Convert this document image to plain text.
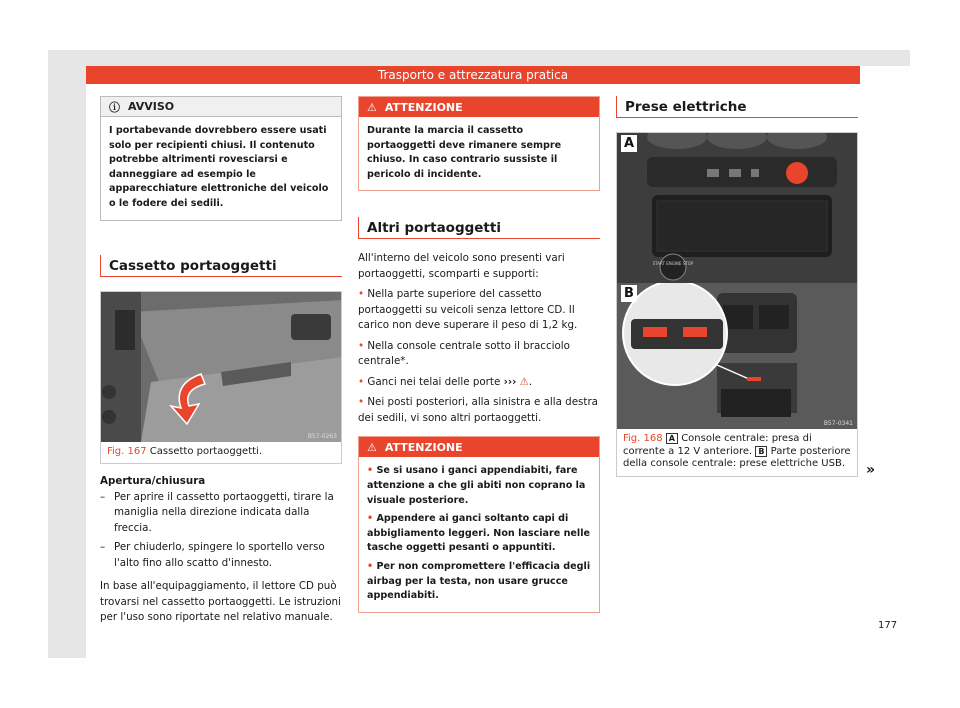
Trasporto e attrezzatura pratica
ⓘ AVVISO
I portabevande dovrebbero essere usati solo per recipienti chiusi. Il contenuto potrebbe altrimenti rovesciarsi e danneggiare ad esempio le apparecchiature elettroniche del veicolo o le fodere dei sedili.
Cassetto portaoggetti
B57-0263
Fig. 167 Cassetto portaoggetti.
Apertura/chiusura
– Per aprire il cassetto portaoggetti, tirare la maniglia nella direzione indicata dalla freccia.
– Per chiuderlo, spingere lo sportello verso l'alto fino allo scatto d'innesto.
In base all'equipaggiamento, il lettore CD può trovarsi nel cassetto portaoggetti. Le istruzioni per l'uso sono riportate nel relativo manuale.
⚠ ATTENZIONE
Durante la marcia il cassetto portaoggetti deve rimanere sempre chiuso. In caso contrario sussiste il pericolo di incidente.
Altri portaoggetti
All'interno del veicolo sono presenti vari portaoggetti, scomparti e supporti:
• Nella parte superiore del cassetto portaoggetti su veicoli senza lettore CD. Il carico non deve superare il peso di 1,2 kg.
• Nella console centrale sotto il bracciolo centrale*.
• Ganci nei telai delle porte ››› ⚠.
• Nei posti posteriori, alla sinistra e alla destra dei sedili, vi sono altri portaoggetti.
⚠ ATTENZIONE
• Se si usano i ganci appendiabiti, fare attenzione a che gli abiti non coprano la visuale posteriore.
• Appendere ai ganci soltanto capi di abbigliamento leggeri. Non lasciare nelle tasche oggetti pesanti o appuntiti.
• Per non compromettere l'efficacia degli airbag per la testa, non usare grucce appendiabiti.
Prese elettriche
START ENGINE STOP
A
B
B57-0341
Fig. 168 A Console centrale: presa di corrente a 12 V anteriore. B Parte posteriore della console centrale: prese elettriche USB.	»
177
